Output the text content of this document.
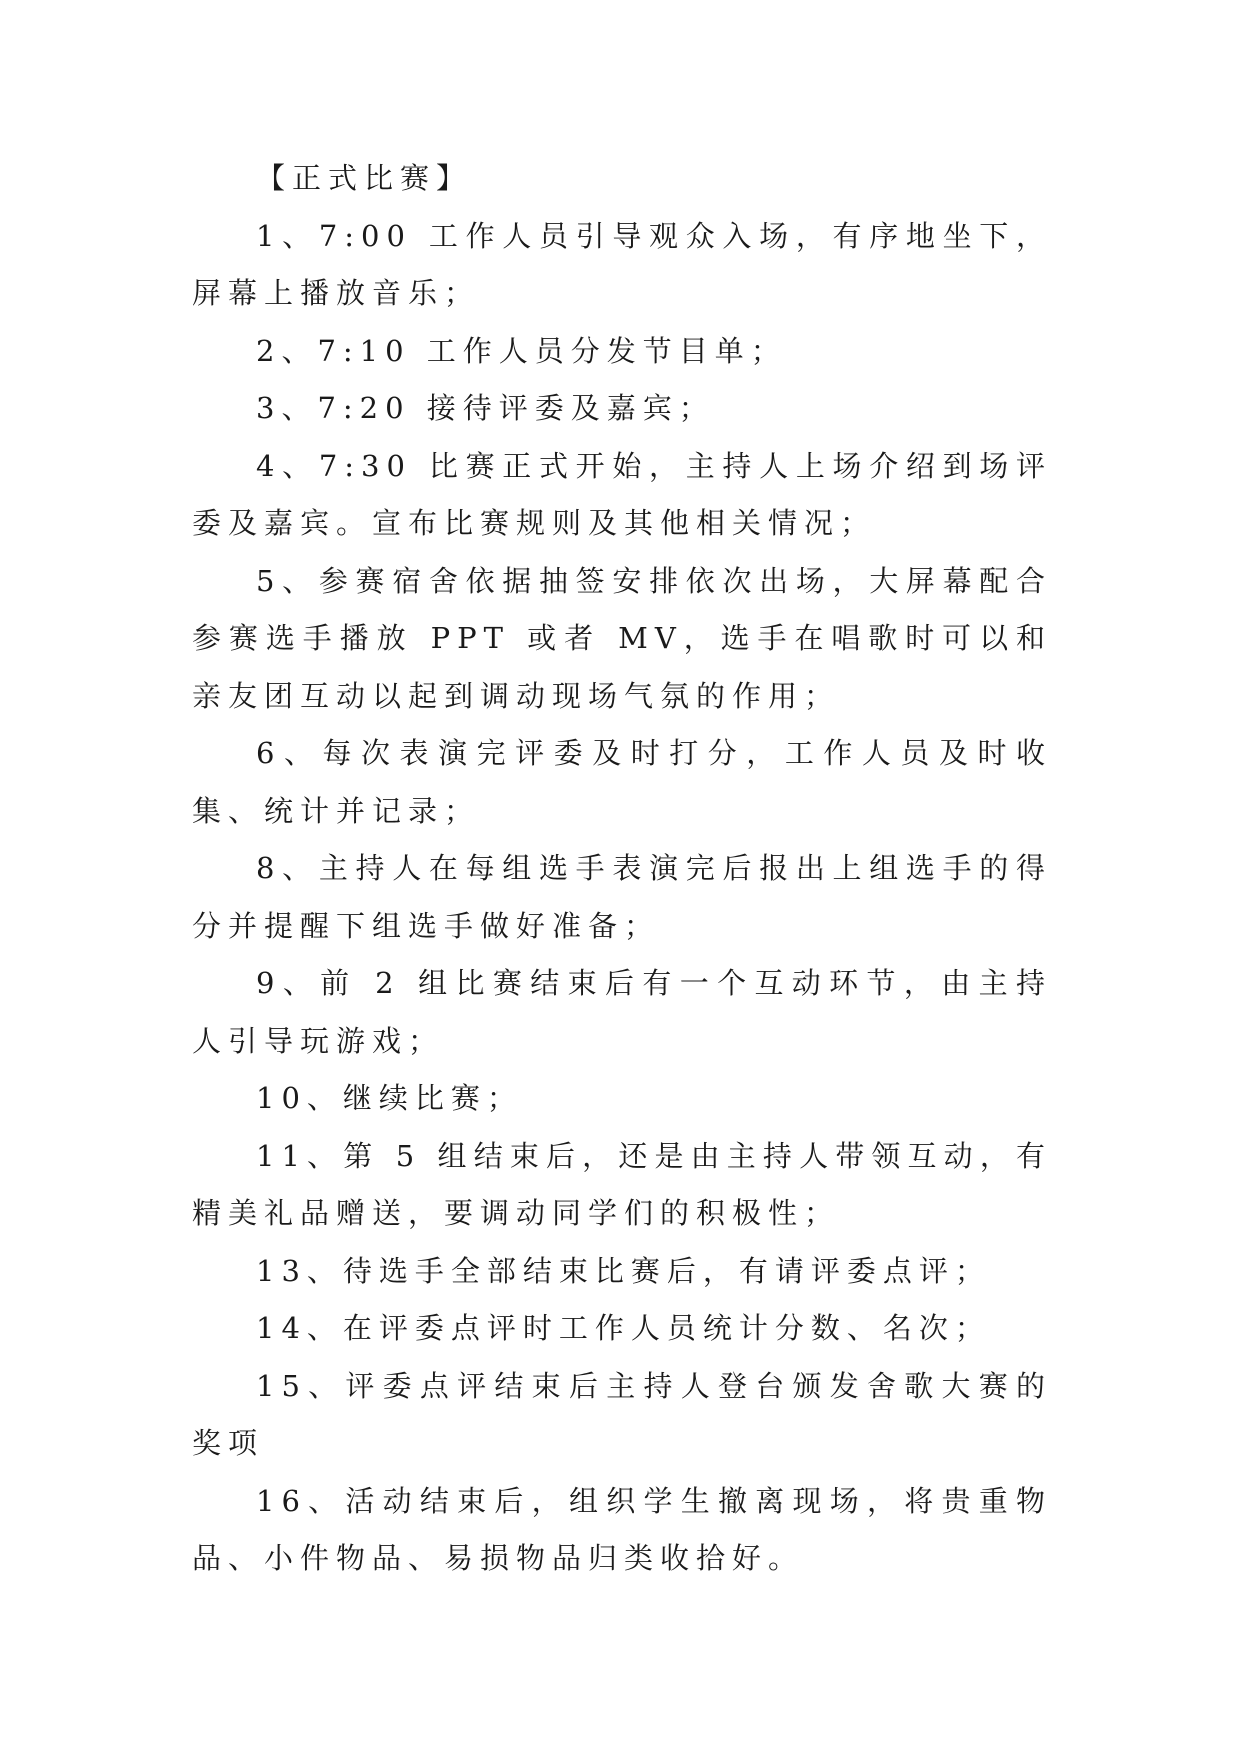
【正式比赛】

1、7:00 工作人员引导观众入场，有序地坐下，屏幕上播放音乐；

2、7:10 工作人员分发节目单；

3、7:20 接待评委及嘉宾；

4、7:30 比赛正式开始，主持人上场介绍到场评委及嘉宾。宣布比赛规则及其他相关情况；

5、参赛宿舍依据抽签安排依次出场，大屏幕配合参赛选手播放 PPT 或者 MV，选手在唱歌时可以和亲友团互动以起到调动现场气氛的作用；

6、每次表演完评委及时打分，工作人员及时收集、统计并记录；

8、主持人在每组选手表演完后报出上组选手的得分并提醒下组选手做好准备；

9、前 2 组比赛结束后有一个互动环节，由主持人引导玩游戏；

10、继续比赛；

11、第 5 组结束后，还是由主持人带领互动，有精美礼品赠送，要调动同学们的积极性；

13、待选手全部结束比赛后，有请评委点评；

14、在评委点评时工作人员统计分数、名次；

15、评委点评结束后主持人登台颁发舍歌大赛的奖项

16、活动结束后，组织学生撤离现场，将贵重物品、小件物品、易损物品归类收拾好。
